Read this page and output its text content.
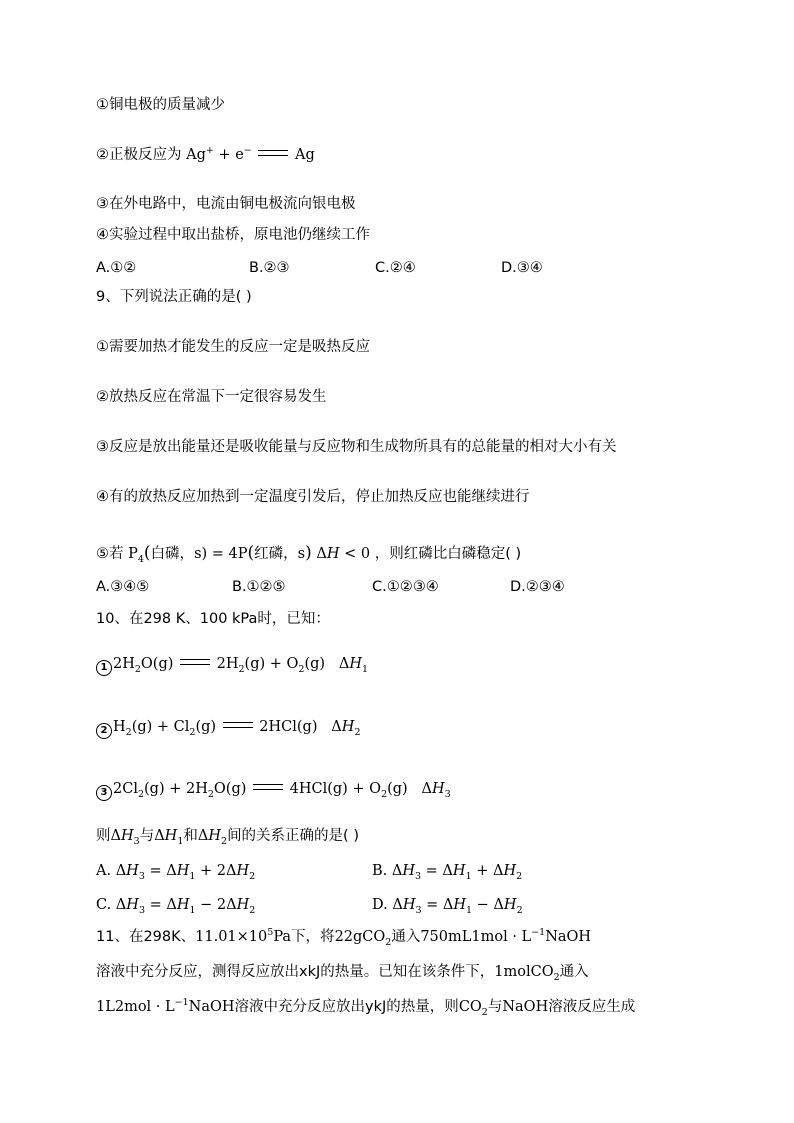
①铜电极的质量减少
②正极反应为 Ag+ + e−	Ag
③在外电路中，电流由铜电极流向银电极
④实验过程中取出盐桥，原电池仍继续工作
A.①②	B.②③	C.②④	D.③④
9、下列说法正确的是( )
①需要加热才能发生的反应一定是吸热反应
②放热反应在常温下一定很容易发生
③反应是放出能量还是吸收能量与反应物和生成物所具有的总能量的相对大小有关
④有的放热反应加热到一定温度引发后，停止加热反应也能继续进行
⑤若 $P_4$(白磷，s) = 4P(红磷，s) ΔH < 0 ，则红磷比白磷稳定( )
A.③④⑤	B.①②⑤	C.①②③④	D.②③④
10、在298 K、100 kPa时，已知：
1 $2H_2O(g) 2H_2(g) + O_2(g)$   $\Delta H_1$
2 $H_2(g) + Cl_2(g)$  2HCl(g)   $\Delta H_2$
3 $2Cl_2(g) + 2H_2O(g) 4HCl(g) + O_2(g)$   $\Delta H_3$
则$\Delta H_3$与$\Delta H_1$和$\Delta H_2$间的关系正确的是( )
A. $\Delta H_3 = \Delta H_1 + 2\Delta H_2$	B. $\Delta H_3 = \Delta H_1 + \Delta H_2$
C. $\Delta H_3 = \Delta H_1 - 2\Delta H_2$	D. $\Delta H_3 = \Delta H_1 - \Delta H_2$
11、在298K、$11.01\times 10^5Pa$下，将22gCO$_2$通入$750mL1mol \cdot L^{-1}NaOH$
溶液中充分反应，测得反应放出xkJ的热量。已知在该条件下，1molCO$_2$通入
$1L2mol \cdot L^{-1}NaOH$溶液中充分反应放出ykJ的热量，则$CO_2$与NaOH溶液反应生成
